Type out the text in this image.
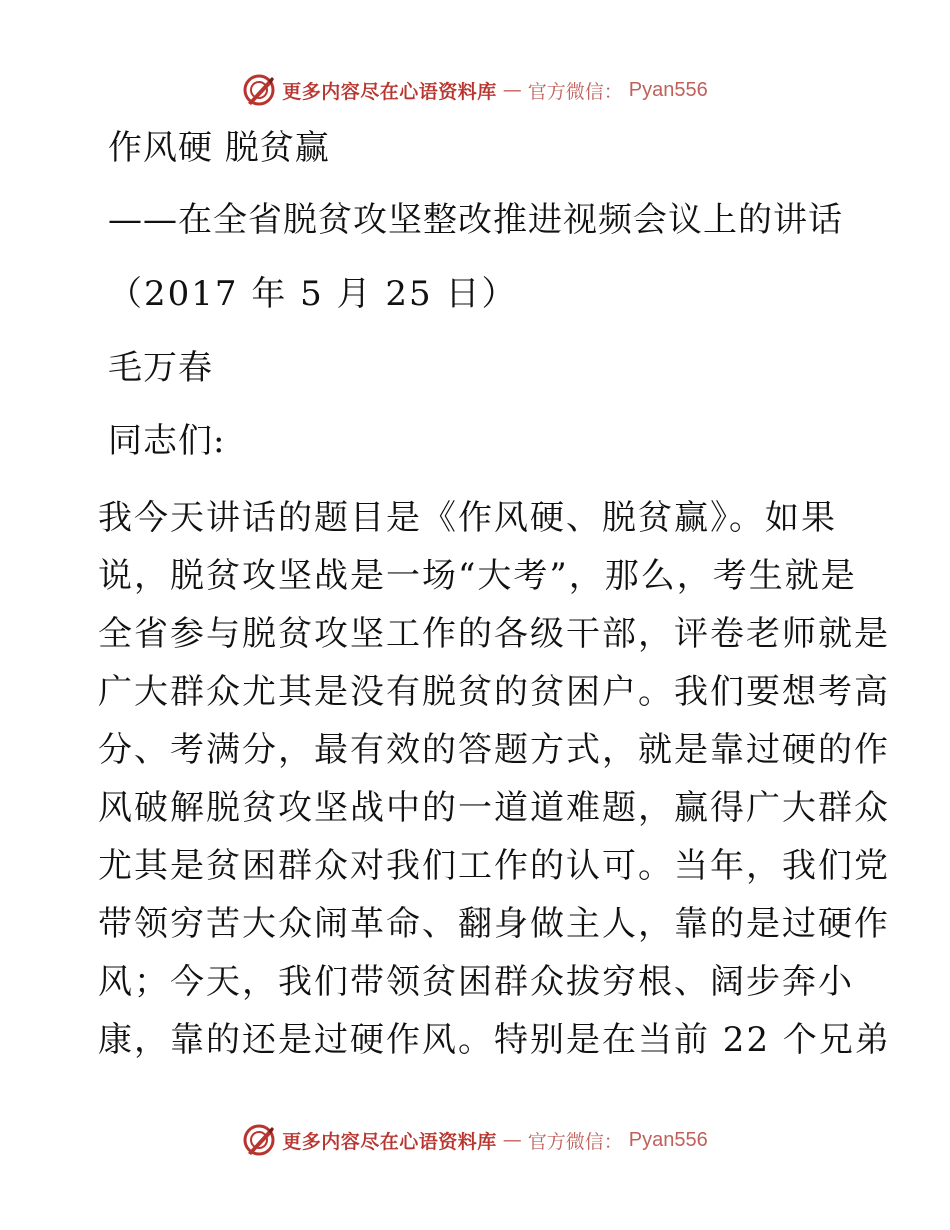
更多内容尽在心语资料库 — 官方微信： Pyan556
作风硬 脱贫赢
——在全省脱贫攻坚整改推进视频会议上的讲话
（2017 年 5 月 25 日）
毛万春
同志们:
我今天讲话的题目是《作风硬、脱贫赢》。如果
说，脱贫攻坚战是一场“大考”，那么，考生就是
全省参与脱贫攻坚工作的各级干部，评卷老师就是
广大群众尤其是没有脱贫的贫困户。我们要想考高
分、考满分，最有效的答题方式，就是靠过硬的作
风破解脱贫攻坚战中的一道道难题，赢得广大群众
尤其是贫困群众对我们工作的认可。当年，我们党
带领穷苦大众闹革命、翻身做主人，靠的是过硬作
风；今天，我们带领贫困群众拔穷根、阔步奔小
康，靠的还是过硬作风。特别是在当前 22 个兄弟
更多内容尽在心语资料库 — 官方微信： Pyan556
